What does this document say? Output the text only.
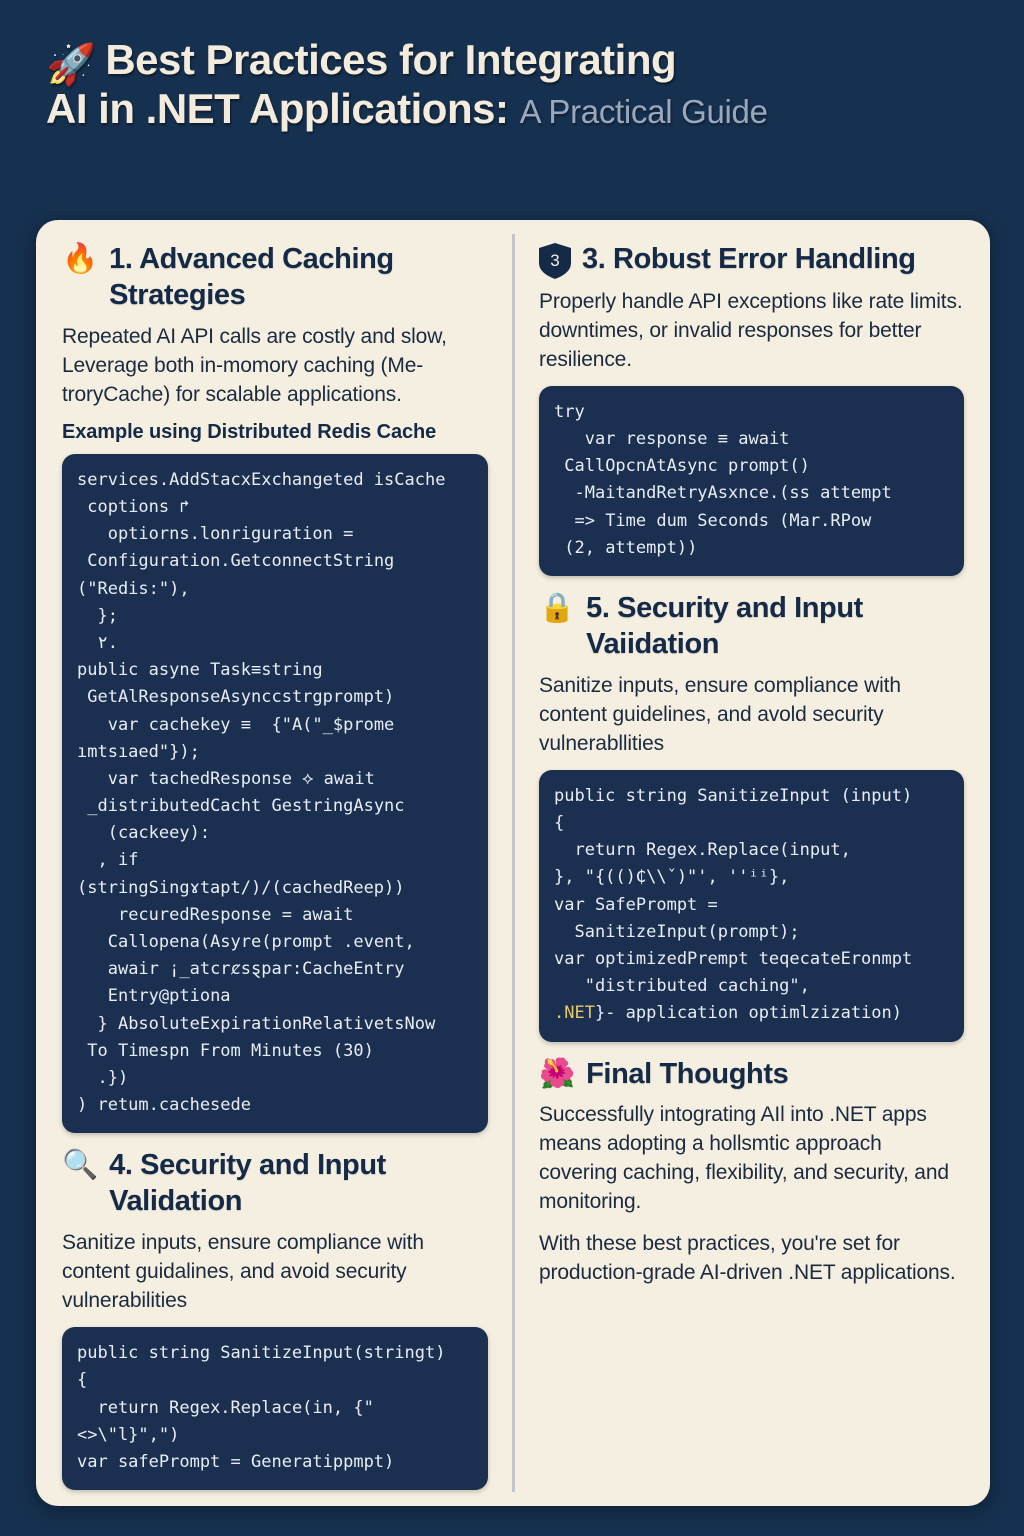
🚀 Best Practices for Integrating
AI in .NET Applications: A Practical Guide
🔥 1. Advanced Caching Strategies
Repeated AI API calls are costly and slow, Leverage both in-momory caching (Me-troryCache) for scalable applications.
Example using Distributed Redis Cache
services.AddStacxExchangeted isCache
coptions ↱
optiorns.lonriguration =
Configuration.GetconnectString ("Redis:"),
};
٢.
public asyne Task≡string
GetAlResponseAsynccstrgprompt)
var cachekey ≡  {"A("_$prome ımtsıaed"});
var tachedResponse ⟡ await
_distributedCacht GestringAsync
(cackeey):
, if (stringSingɤtapt/)/(cachedReep))
recuredResponse = await
Callopena(Asyre(prompt .event,
awair ¡_atcrȼsȿpar:CacheEntry
Entry@ptiona
} AbsoluteExpirationRelativetsNow
To Timespn From Minutes (30)
.})
) retum.cachesede
🔍 4. Security and Input Validation
Sanitize inputs, ensure compliance with content guidalines, and avoid security vulnerabilities
public string SanitizeInput(stringt)
{
return Regex.Replace(in, {"<>\"l}",")
var safePrompt = Generatippmpt)
3 3. Robust Error Handling
Properly handle API exceptions like rate limits. downtimes, or invalid responses for better resilience.
try
var response ≡ await
CallOpcnAtAsync prompt()
-MaitandRetryAsxnce.(ss attempt
=> Time dum Seconds (Mar.RPow
(2, attempt))
🔒 5. Security and Input Vaiidation
Sanitize inputs, ensure compliance with content guidelines, and avold security vulnerabllities
public string SanitizeInput (input)
{
return Regex.Replace(input,
}, "{(()₵\\ˇ)"', ''ⁱⁱ},
var SafePrompt =
SanitizeInput(prompt);
var optimizedPrempt teqecateEronmpt
"distributed caching",
.NET}- application optimlzization)
🌺 Final Thoughts
Successfully intograting AIl into .NET apps means adopting a hollsmtic approach covering caching, flexibility, and security, and monitoring.
With these best practices, you're set for production-grade AI-driven .NET applications.
